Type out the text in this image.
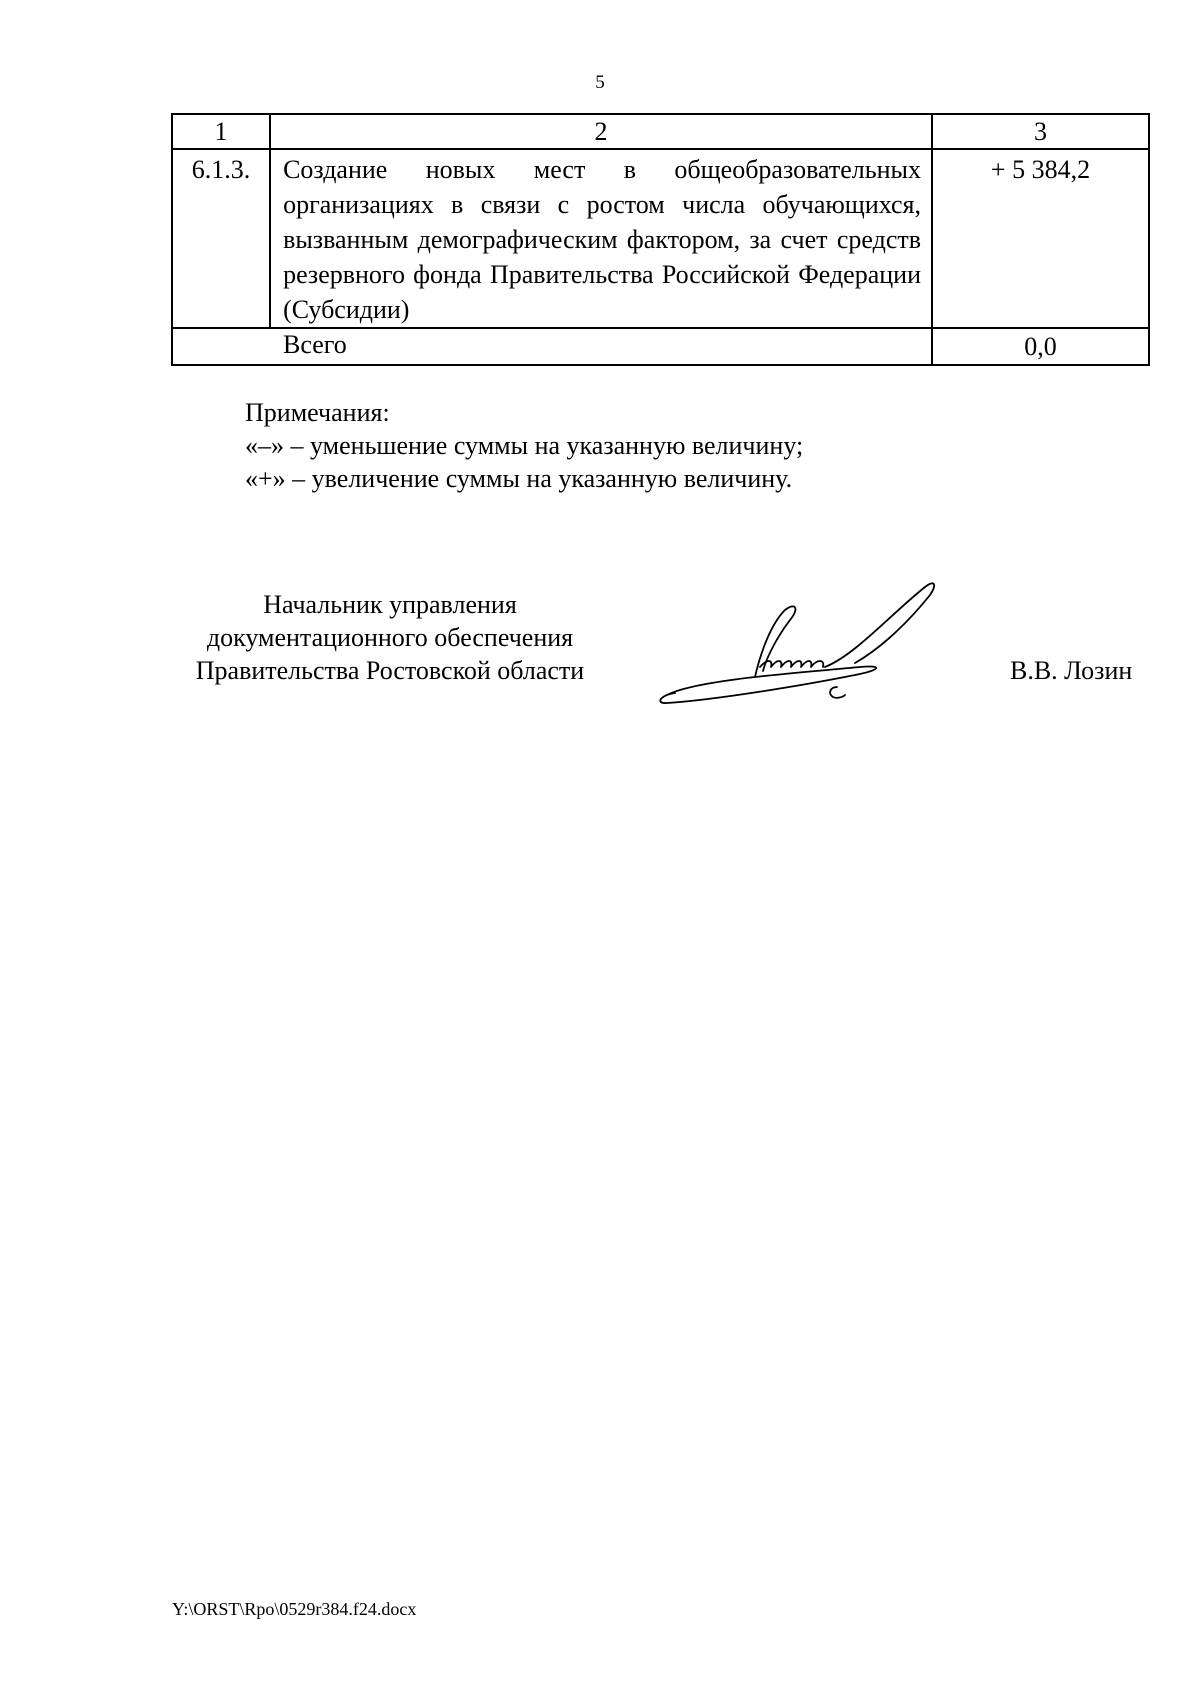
5
1	2	3
6.1.3.	Создание новых мест в общеобразовательных организациях в связи с ростом числа обучающихся, вызванным демографическим фактором, за счет средств резервного фонда Правительства Российской Федерации (Субсидии)	+ 5 384,2
Всего		0,0
Примечания:
«–» – уменьшение суммы на указанную величину;
«+» – увеличение суммы на указанную величину.
Начальник управления
документационного обеспечения
Правительства Ростовской области	В.В. Лозин
Y:\ORST\Rpo\0529r384.f24.docx
